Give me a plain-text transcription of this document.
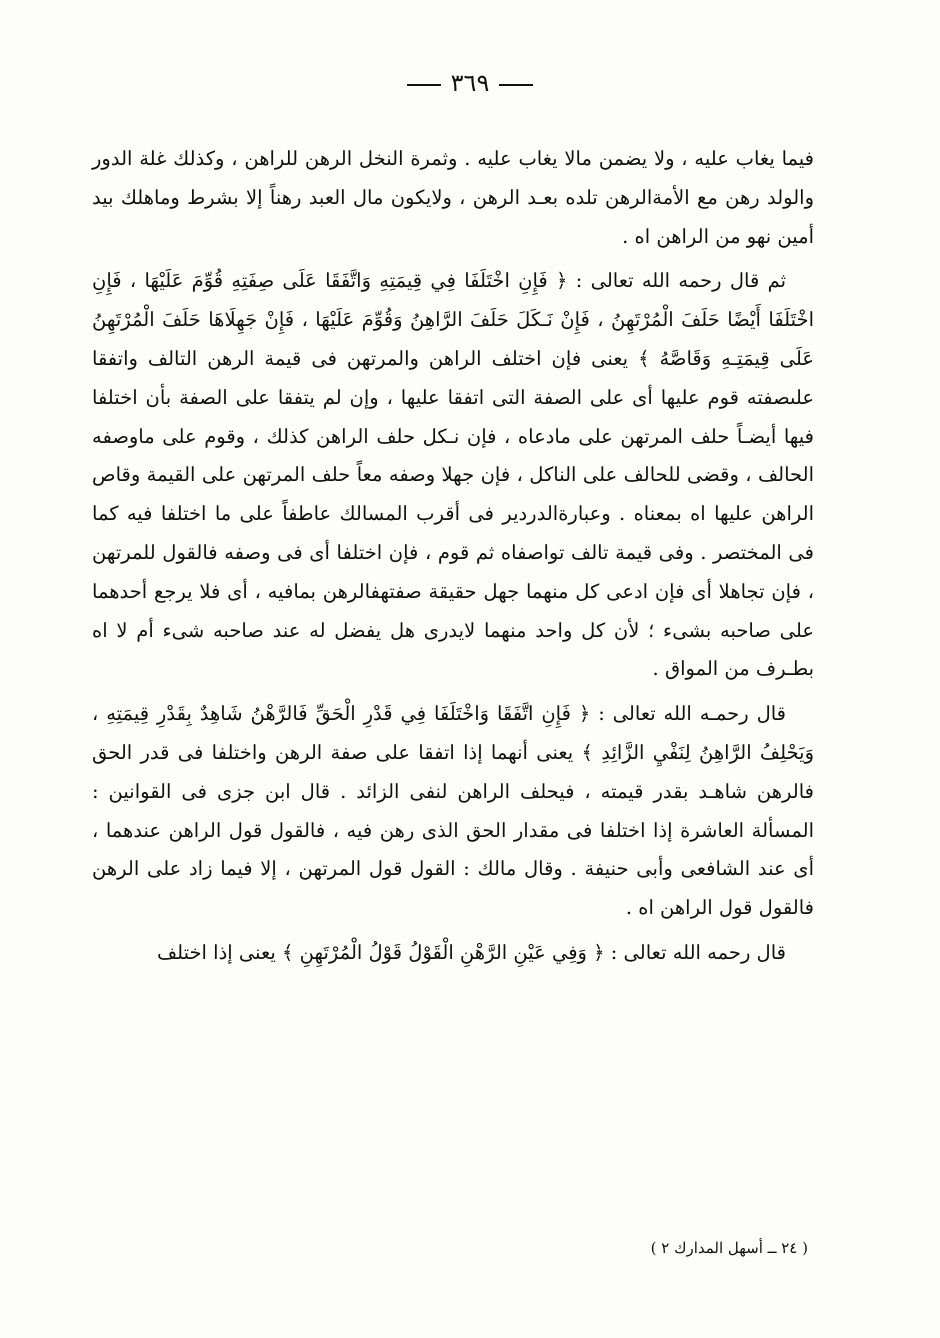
٣٦٩

فيما يغاب عليه ، ولا يضمن مالا يغاب عليه . وثمرة النخل الرهن للراهن ، وكذلك غلة الدور والولد رهن مع الأمةالرهن تلده بعـد الرهن ، ولايكون مال العبد رهناً إلا بشرط وماهلك بيد أمين نهو من الراهن اه .

ثم قال رحمه الله تعالى : ﴿ فَإِنِ اخْتَلَفَا فِي قِيمَتِهِ وَاتَّفَقَا عَلَى صِفَتِهِ قُوِّمَ عَلَيْهَا ، فَإِنِ اخْتَلَفَا أَيْضًا حَلَفَ الْمُرْتَهِنُ ، فَإِنْ نَـكَلَ حَلَفَ الرَّاهِنُ وَقُوِّمَ عَلَيْهَا ، فَإِنْ جَهِلَاهَا حَلَفَ الْمُرْتَهِنُ عَلَى قِيمَتِـهِ وَقَاصَّهُ ﴾ يعنى فإن اختلف الراهن والمرتهن فى قيمة الرهن التالف واتفقا علىصفته قوم عليها أى على الصفة التى اتفقا عليها ، وإن لم يتفقا على الصفة بأن اختلفا فيها أيضـاً حلف المرتهن على مادعاه ، فإن نـكل حلف الراهن كذلك ، وقوم على ماوصفه الحالف ، وقضى للحالف على الناكل ، فإن جهلا وصفه معاً حلف المرتهن على القيمة وقاص الراهن عليها اه بمعناه . وعبارةالدردير فى أقرب المسالك عاطفاً على ما اختلفا فيه كما فى المختصر . وفى قيمة تالف تواصفاه ثم قوم ، فإن اختلفا أى فى وصفه فالقول للمرتهن ، فإن تجاهلا أى فإن ادعى كل منهما جهل حقيقة صفتهفالرهن بمافيه ، أى فلا يرجع أحدهما على صاحبه بشىء ؛ لأن كل واحد منهما لايدرى هل يفضل له عند صاحبه شىء أم لا اه بطـرف من المواق .

قال رحمـه الله تعالى : ﴿ فَإِنِ اتَّفَقَا وَاخْتَلَفَا فِي قَدْرِ الْحَقِّ فَالرَّهْنُ شَاهِدٌ بِقَدْرِ قِيمَتِهِ ، وَيَحْلِفُ الرَّاهِنُ لِنَفْيِ الزَّائِدِ ﴾ يعنى أنهما إذا اتفقا على صفة الرهن واختلفا فى قدر الحق فالرهن شاهـد بقدر قيمته ، فيحلف الراهن لنفى الزائد . قال ابن جزى فى القوانين : المسألة العاشرة إذا اختلفا فى مقدار الحق الذى رهن فيه ، فالقول قول الراهن عندهما ، أى عند الشافعى وأبى حنيفة . وقال مالك : القول قول المرتهن ، إلا فيما زاد على الرهن فالقول قول الراهن اه .

قال رحمه الله تعالى : ﴿ وَفِي عَيْنِ الرَّهْنِ الْقَوْلُ قَوْلُ الْمُرْتَهِنِ ﴾ يعنى إذا اختلف

( ٢٤ ــ أسهل المدارك ٢ )
